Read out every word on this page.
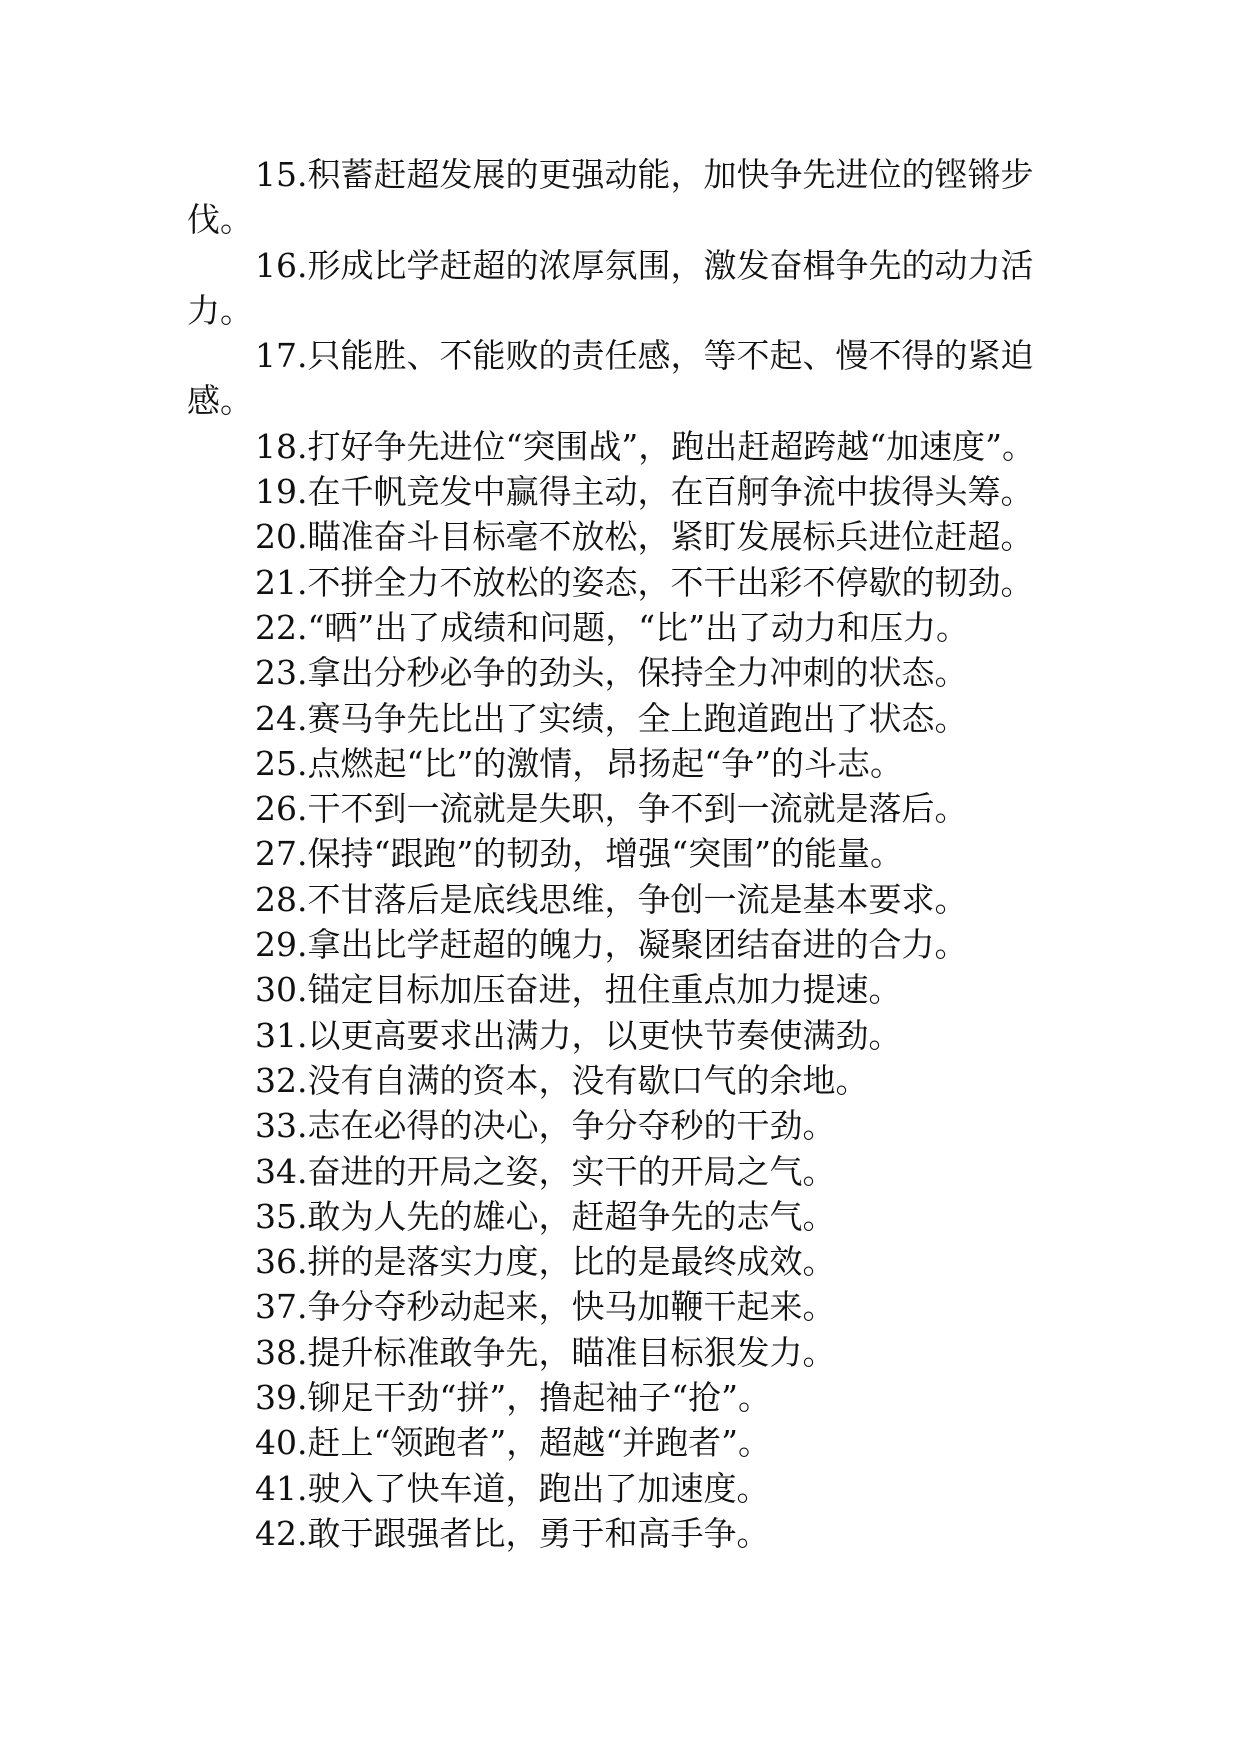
15.积蓄赶超发展的更强动能，加快争先进位的铿锵步伐。

16.形成比学赶超的浓厚氛围，激发奋楫争先的动力活力。

17.只能胜、不能败的责任感，等不起、慢不得的紧迫感。

18.打好争先进位“突围战”，跑出赶超跨越“加速度”。

19.在千帆竞发中赢得主动，在百舸争流中拔得头筹。

20.瞄准奋斗目标毫不放松，紧盯发展标兵进位赶超。

21.不拼全力不放松的姿态，不干出彩不停歇的韧劲。

22.“晒”出了成绩和问题，“比”出了动力和压力。

23.拿出分秒必争的劲头，保持全力冲刺的状态。

24.赛马争先比出了实绩，全上跑道跑出了状态。

25.点燃起“比”的激情，昂扬起“争”的斗志。

26.干不到一流就是失职，争不到一流就是落后。

27.保持“跟跑”的韧劲，增强“突围”的能量。

28.不甘落后是底线思维，争创一流是基本要求。

29.拿出比学赶超的魄力，凝聚团结奋进的合力。

30.锚定目标加压奋进，扭住重点加力提速。

31.以更高要求出满力，以更快节奏使满劲。

32.没有自满的资本，没有歇口气的余地。

33.志在必得的决心，争分夺秒的干劲。

34.奋进的开局之姿，实干的开局之气。

35.敢为人先的雄心，赶超争先的志气。

36.拼的是落实力度，比的是最终成效。

37.争分夺秒动起来，快马加鞭干起来。

38.提升标准敢争先，瞄准目标狠发力。

39.铆足干劲“拼”，撸起袖子“抢”。

40.赶上“领跑者”，超越“并跑者”。

41.驶入了快车道，跑出了加速度。

42.敢于跟强者比，勇于和高手争。
